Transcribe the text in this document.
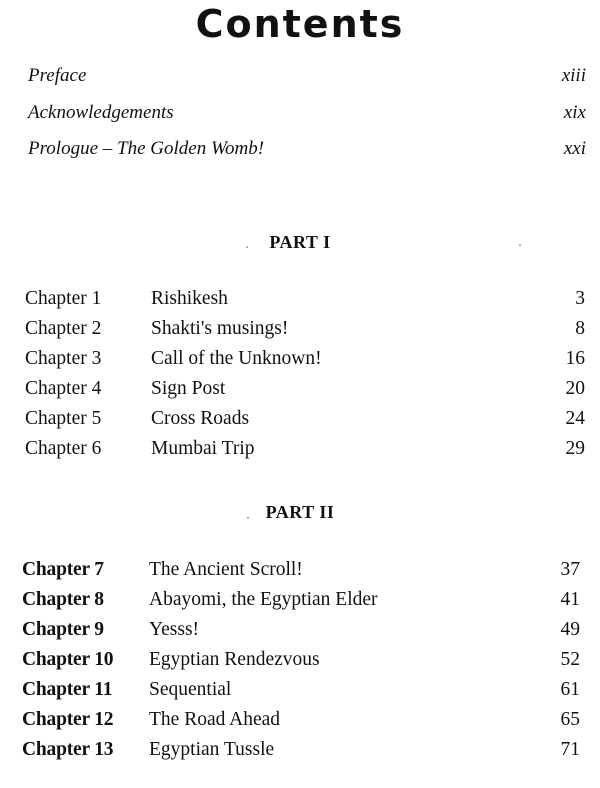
Contents
Preface	xiii
Acknowledgements	xix
Prologue – The Golden Womb!	xxi
PART I
Chapter 1	Rishikesh	3
Chapter 2	Shakti's musings!	8
Chapter 3	Call of the Unknown!	16
Chapter 4	Sign Post	20
Chapter 5	Cross Roads	24
Chapter 6	Mumbai Trip	29
PART II
Chapter 7 The Ancient Scroll!	37
Chapter 8 Abayomi, the Egyptian Elder	41
Chapter 9 Yesss!	49
Chapter 10 Egyptian Rendezvous	52
Chapter 11 Sequential	61
Chapter 12 The Road Ahead	65
Chapter 13 Egyptian Tussle	71
